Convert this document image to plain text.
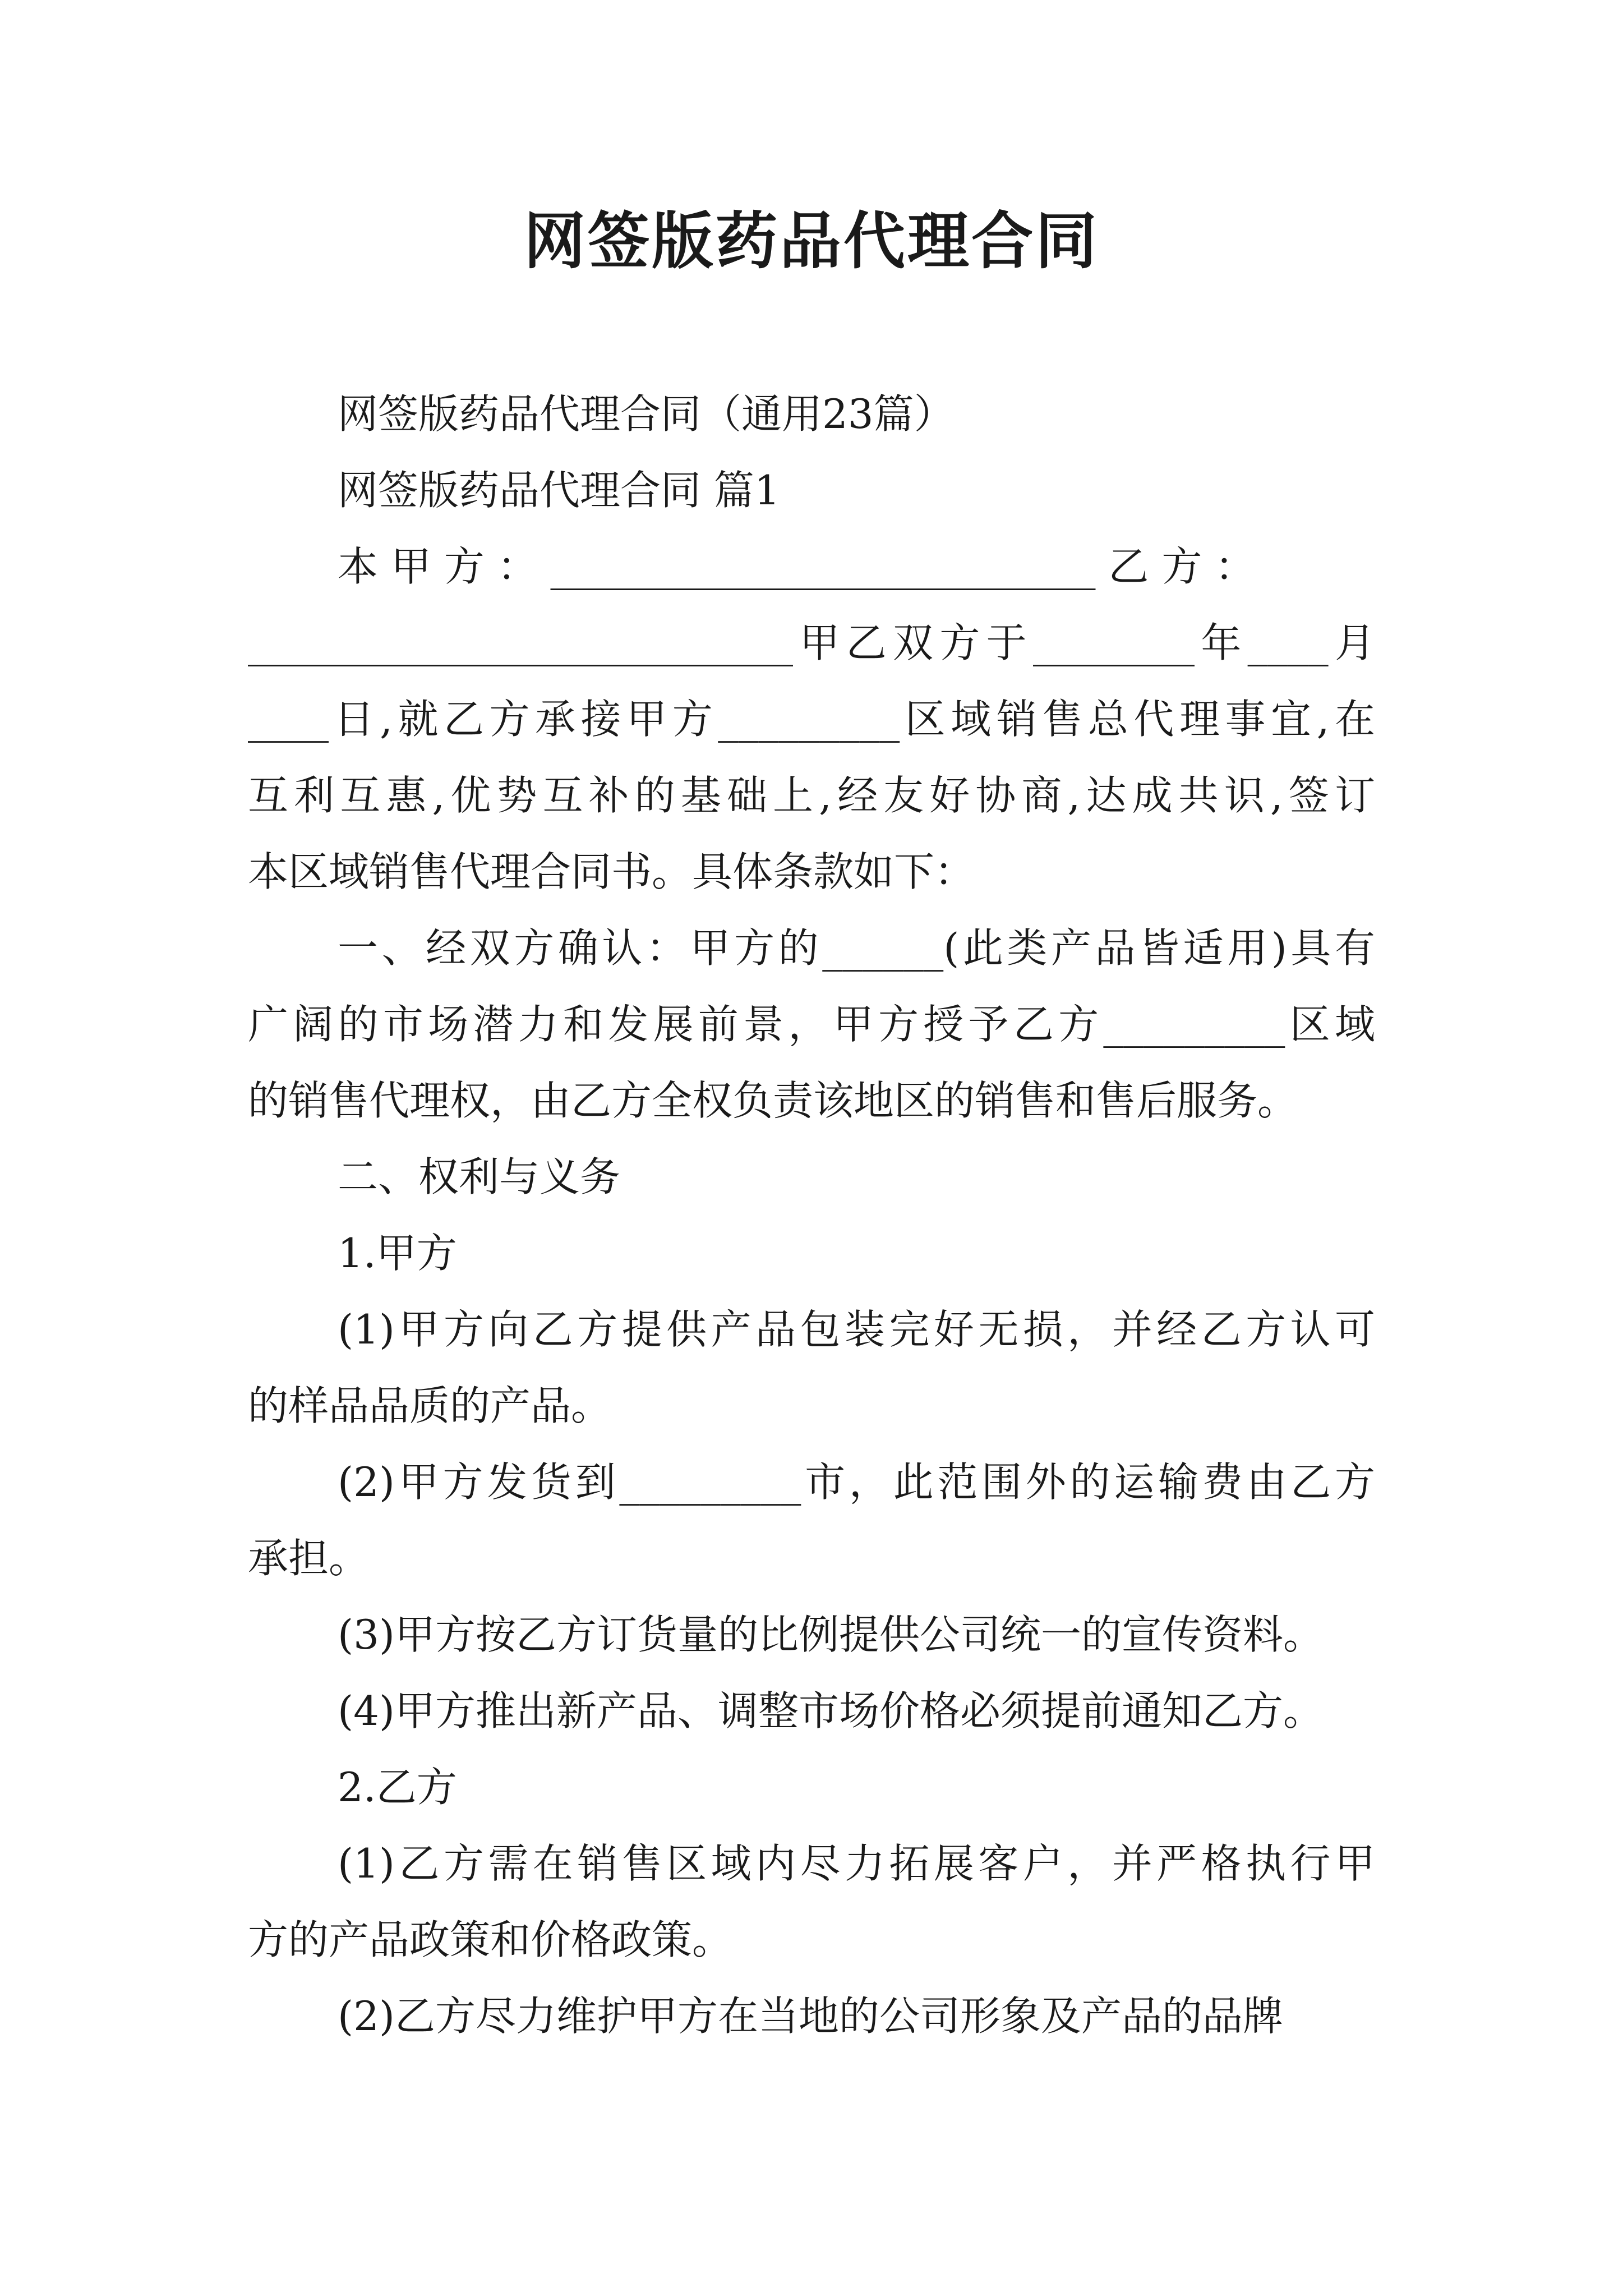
网签版药品代理合同

网签版药品代理合同（通用23篇）

网签版药品代理合同 篇1

本 甲 方 ： ___________________________ 乙 方 ：

___________________________甲乙双方于________年____月

____日,就乙方承接甲方_________区域销售总代理事宜,在

互利互惠,优势互补的基础上,经友好协商,达成共识,签订

本区域销售代理合同书。具体条款如下：

一、经双方确认：甲方的______(此类产品皆适用)具有

广阔的市场潜力和发展前景，甲方授予乙方_________区域

的销售代理权，由乙方全权负责该地区的销售和售后服务。

二、权利与义务

1.甲方

(1)甲方向乙方提供产品包装完好无损，并经乙方认可

的样品品质的产品。

(2)甲方发货到_________市，此范围外的运输费由乙方

承担。

(3)甲方按乙方订货量的比例提供公司统一的宣传资料。

(4)甲方推出新产品、调整市场价格必须提前通知乙方。

2.乙方

(1)乙方需在销售区域内尽力拓展客户，并严格执行甲

方的产品政策和价格政策。

(2)乙方尽力维护甲方在当地的公司形象及产品的品牌
